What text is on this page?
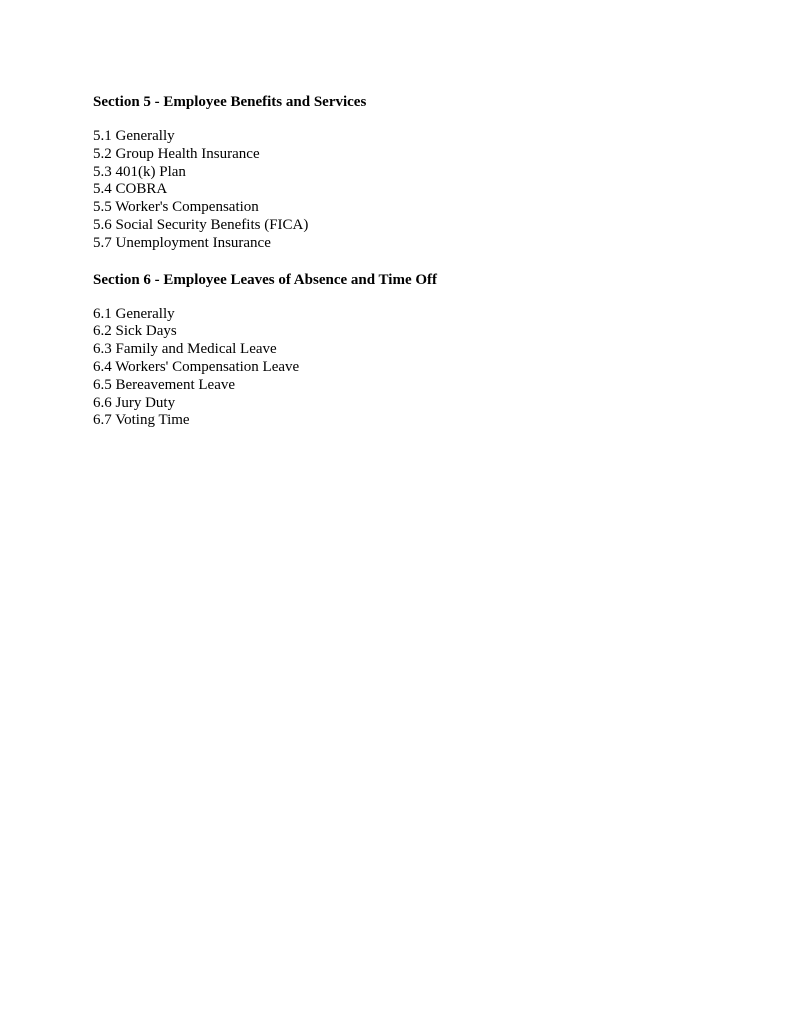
Section 5 - Employee Benefits and Services
5.1 Generally
5.2 Group Health Insurance
5.3 401(k) Plan
5.4 COBRA
5.5 Worker's Compensation
5.6 Social Security Benefits (FICA)
5.7 Unemployment Insurance
Section 6 - Employee Leaves of Absence and Time Off
6.1 Generally
6.2 Sick Days
6.3 Family and Medical Leave
6.4 Workers' Compensation Leave
6.5 Bereavement Leave
6.6 Jury Duty
6.7 Voting Time
